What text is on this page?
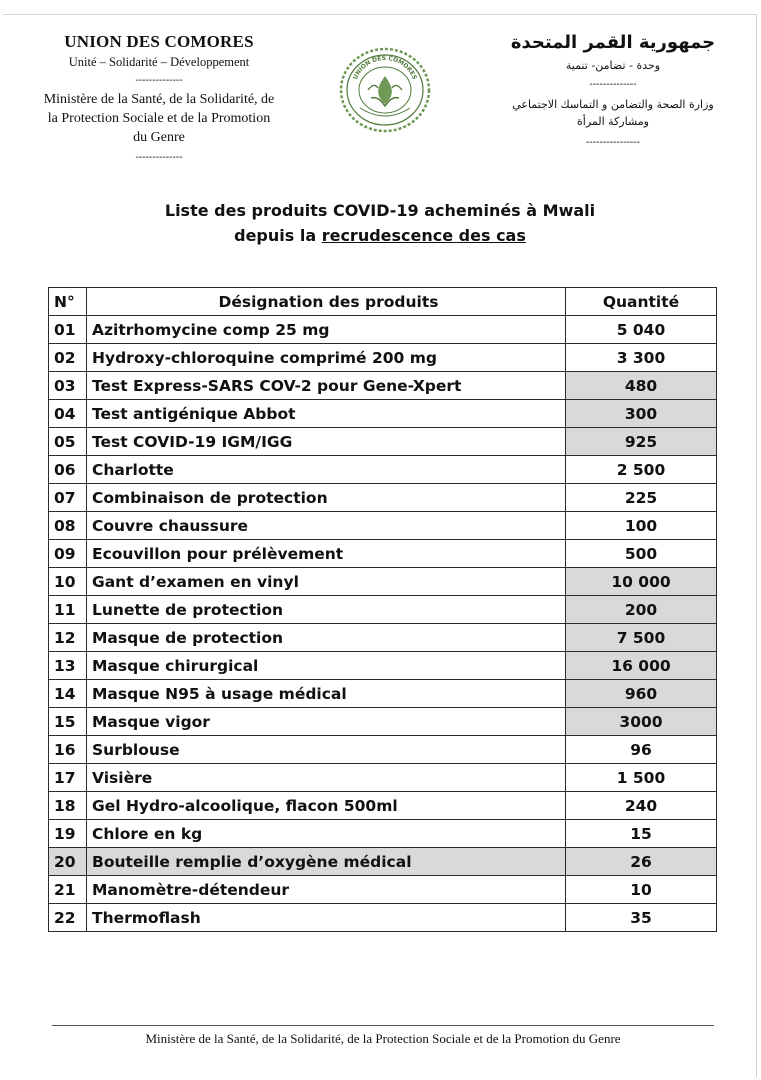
UNION DES COMORES
Unité – Solidarité – Développement
--------------
Ministère de la Santé, de la Solidarité, de
la Protection Sociale et de la Promotion
du Genre
--------------
UNION DES COMORES
جمهورية القمر المتحدة
وحدة - تضامن- تنمية
--------------
وزارة الصحة والتضامن و التماسك الاجتماعي
ومشاركة المرأة
----------------
Liste des produits COVID-19 acheminés à Mwali
depuis la recrudescence des cas
N°	Désignation des produits	Quantité
01	Azitrhomycine comp 25 mg	5 040
02	Hydroxy-chloroquine comprimé 200 mg	3 300
03	Test Express-SARS COV-2 pour Gene-Xpert	480
04	Test antigénique Abbot	300
05	Test COVID-19 IGM/IGG	925
06	Charlotte	2 500
07	Combinaison de protection	225
08	Couvre chaussure	100
09	Ecouvillon pour prélèvement	500
10	Gant d’examen en vinyl	10 000
11	Lunette de protection	200
12	Masque de protection	7 500
13	Masque chirurgical	16 000
14	Masque N95 à usage médical	960
15	Masque vigor	3000
16	Surblouse	96
17	Visière	1 500
18	Gel Hydro-alcoolique, flacon 500ml	240
19	Chlore en kg	15
20	Bouteille remplie d’oxygène médical	26
21	Manomètre-détendeur	10
22	Thermoflash	35
Ministère de la Santé, de la Solidarité, de la Protection Sociale et de la Promotion du Genre
